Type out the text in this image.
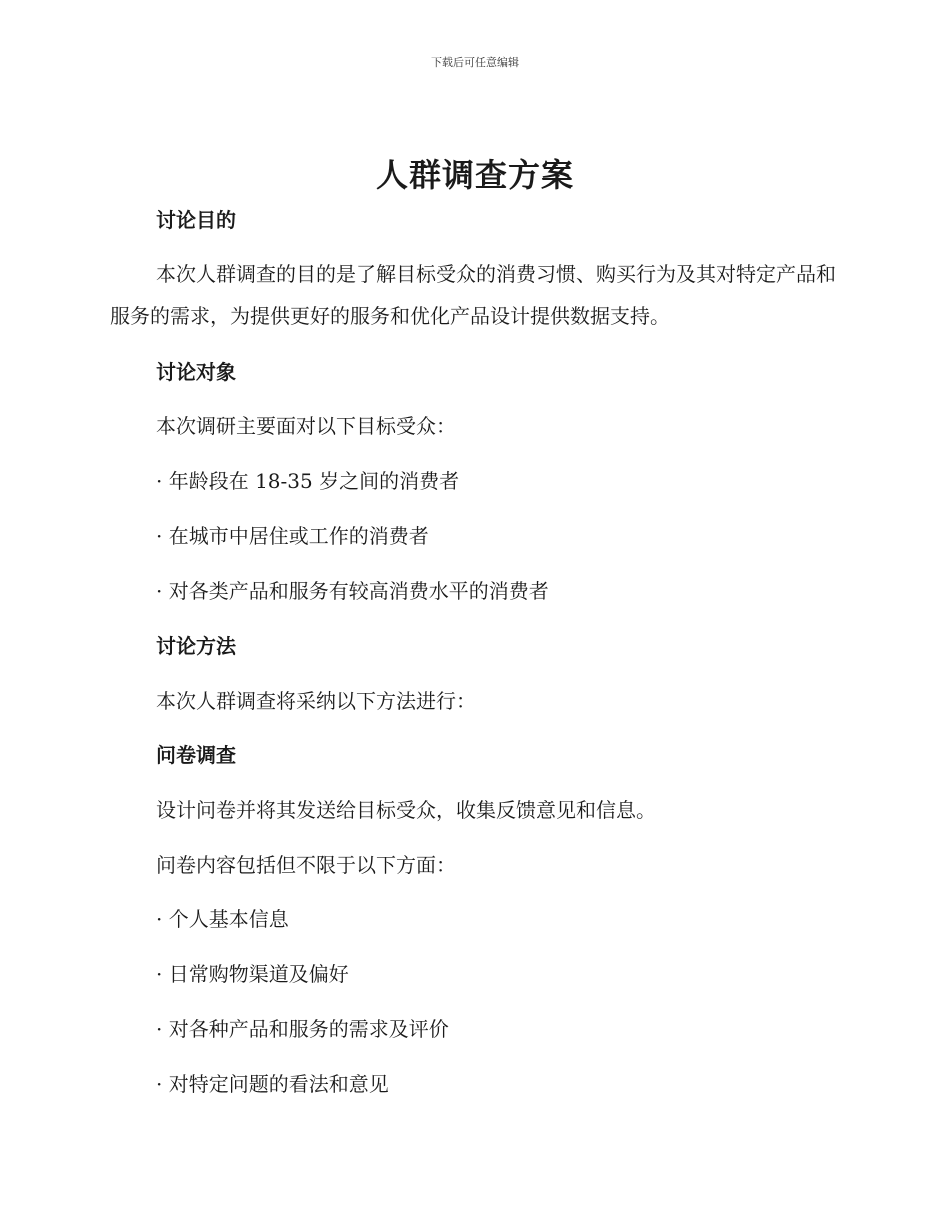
下载后可任意编辑
人群调查方案
讨论目的

本次人群调查的目的是了解目标受众的消费习惯、购买行为及其对特定产品和服务的需求，为提供更好的服务和优化产品设计提供数据支持。

讨论对象
本次调研主要面对以下目标受众：
· 年龄段在 18-35 岁之间的消费者
· 在城市中居住或工作的消费者
· 对各类产品和服务有较高消费水平的消费者
讨论方法
本次人群调查将采纳以下方法进行：
问卷调查
设计问卷并将其发送给目标受众，收集反馈意见和信息。
问卷内容包括但不限于以下方面：
· 个人基本信息
· 日常购物渠道及偏好
· 对各种产品和服务的需求及评价
· 对特定问题的看法和意见
